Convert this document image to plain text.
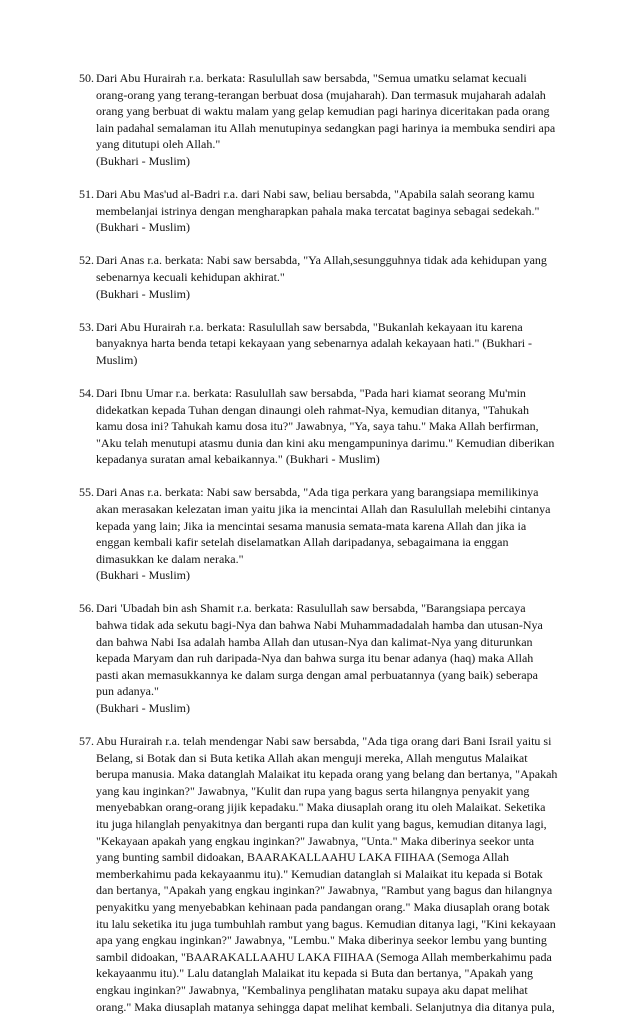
50. Dari Abu Hurairah r.a. berkata: Rasulullah saw bersabda, "Semua umatku selamat kecuali
orang-orang yang terang-terangan berbuat dosa (mujaharah). Dan termasuk mujaharah adalah
orang yang berbuat di waktu malam yang gelap kemudian pagi harinya diceritakan pada orang
lain padahal semalaman itu Allah menutupinya sedangkan pagi harinya ia membuka sendiri apa
yang ditutupi oleh Allah."
(Bukhari - Muslim)
51. Dari Abu Mas'ud al-Badri r.a. dari Nabi saw, beliau bersabda, "Apabila salah seorang kamu
membelanjai istrinya dengan mengharapkan pahala maka tercatat baginya sebagai sedekah."
(Bukhari - Muslim)
52. Dari Anas r.a. berkata: Nabi saw bersabda, "Ya Allah,sesungguhnya tidak ada kehidupan yang
sebenarnya kecuali kehidupan akhirat."
(Bukhari - Muslim)
53. Dari Abu Hurairah r.a. berkata: Rasulullah saw bersabda, "Bukanlah kekayaan itu karena
banyaknya harta benda tetapi kekayaan yang sebenarnya adalah kekayaan hati." (Bukhari -
Muslim)
54. Dari Ibnu Umar r.a. berkata: Rasulullah saw bersabda, "Pada hari kiamat seorang Mu'min
didekatkan kepada Tuhan dengan dinaungi oleh rahmat-Nya, kemudian ditanya, "Tahukah
kamu dosa ini? Tahukah kamu dosa itu?" Jawabnya, "Ya, saya tahu." Maka Allah berfirman,
"Aku telah menutupi atasmu dunia dan kini aku mengampuninya darimu." Kemudian diberikan
kepadanya suratan amal kebaikannya." (Bukhari - Muslim)
55. Dari Anas r.a. berkata: Nabi saw bersabda, "Ada tiga perkara yang barangsiapa memilikinya
akan merasakan kelezatan iman yaitu jika ia mencintai Allah dan Rasulullah melebihi cintanya
kepada yang lain; Jika ia mencintai sesama manusia semata-mata karena Allah dan jika ia
enggan kembali kafir setelah diselamatkan Allah daripadanya, sebagaimana ia enggan
dimasukkan ke dalam neraka."
(Bukhari - Muslim)
56. Dari 'Ubadah bin ash Shamit r.a. berkata: Rasulullah saw bersabda, "Barangsiapa percaya
bahwa tidak ada sekutu bagi-Nya dan bahwa Nabi Muhammadadalah hamba dan utusan-Nya
dan bahwa Nabi Isa adalah hamba Allah dan utusan-Nya dan kalimat-Nya yang diturunkan
kepada Maryam dan ruh daripada-Nya dan bahwa surga itu benar adanya (haq) maka Allah
pasti akan memasukkannya ke dalam surga dengan amal perbuatannya (yang baik) seberapa
pun adanya."
(Bukhari - Muslim)
57. Abu Hurairah r.a. telah mendengar Nabi saw bersabda, "Ada tiga orang dari Bani Israil yaitu si
Belang, si Botak dan si Buta ketika Allah akan menguji mereka, Allah mengutus Malaikat
berupa manusia. Maka datanglah Malaikat itu kepada orang yang belang dan bertanya, "Apakah
yang kau inginkan?" Jawabnya, "Kulit dan rupa yang bagus serta hilangnya penyakit yang
menyebabkan orang-orang jijik kepadaku." Maka diusaplah orang itu oleh Malaikat. Seketika
itu juga hilanglah penyakitnya dan berganti rupa dan kulit yang bagus, kemudian ditanya lagi,
"Kekayaan apakah yang engkau inginkan?" Jawabnya, "Unta." Maka diberinya seekor unta
yang bunting sambil didoakan, BAARAKALLAAHU LAKA FIIHAA (Semoga Allah
memberkahimu pada kekayaanmu itu)." Kemudian datanglah si Malaikat itu kepada si Botak
dan bertanya, "Apakah yang engkau inginkan?" Jawabnya, "Rambut yang bagus dan hilangnya
penyakitku yang menyebabkan kehinaan pada pandangan orang." Maka diusaplah orang botak
itu lalu seketika itu juga tumbuhlah rambut yang bagus. Kemudian ditanya lagi, "Kini kekayaan
apa yang engkau inginkan?" Jawabnya, "Lembu." Maka diberinya seekor lembu yang bunting
sambil didoakan, "BAARAKALLAAHU LAKA FIIHAA (Semoga Allah memberkahimu pada
kekayaanmu itu)." Lalu datanglah Malaikat itu kepada si Buta dan bertanya, "Apakah yang
engkau inginkan?" Jawabnya, "Kembalinya penglihatan mataku supaya aku dapat melihat
orang." Maka diusaplah matanya sehingga dapat melihat kembali. Selanjutnya dia ditanya pula,
